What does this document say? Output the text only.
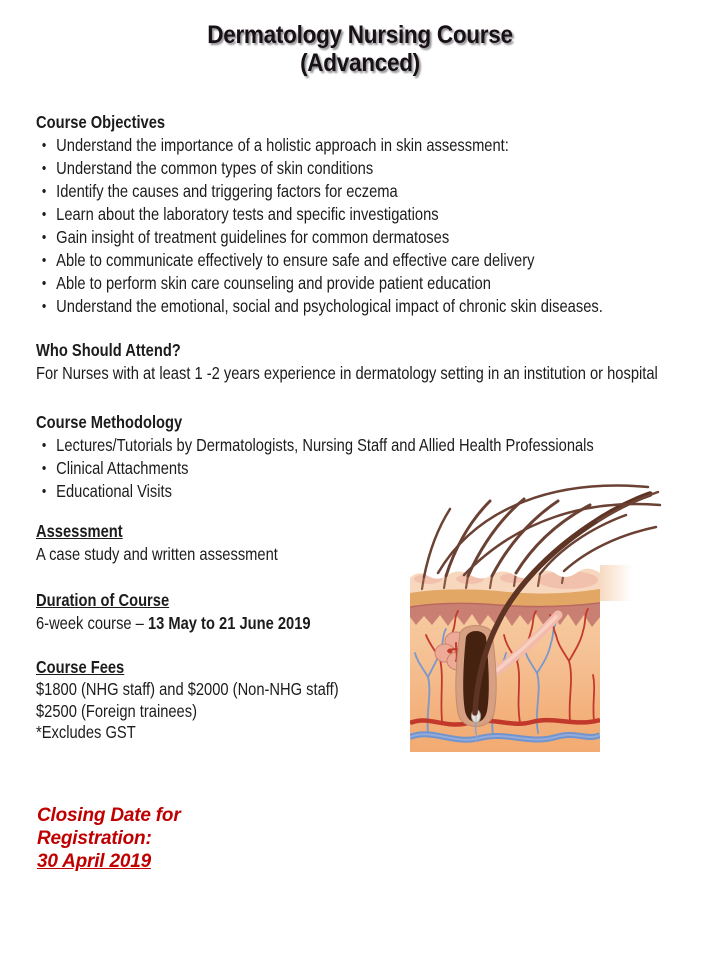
Dermatology Nursing Course
(Advanced)
Course Objectives
• Understand the importance of a holistic approach in skin assessment:
• Understand the common types of skin conditions
• Identify the causes and triggering factors for eczema
• Learn about the laboratory tests and specific investigations
• Gain insight of treatment guidelines for common dermatoses
• Able to communicate effectively to ensure safe and effective care delivery
• Able to perform skin care counseling and provide patient education
• Understand the emotional, social and psychological impact of chronic skin diseases.
Who Should Attend?

For Nurses with at least 1 -2 years experience in dermatology setting in an institution or hospital

Course Methodology
• Lectures/Tutorials by Dermatologists, Nursing Staff and Allied Health Professionals
• Clinical Attachments
• Educational Visits
Assessment

A case study and written assessment

Duration of Course

6-week course – 13 May to 21 June 2019

Course Fees

$1800 (NHG staff) and $2000 (Non-NHG staff)

$2500 (Foreign trainees)

*Excludes GST

Closing Date for
Registration:
30 April 2019
